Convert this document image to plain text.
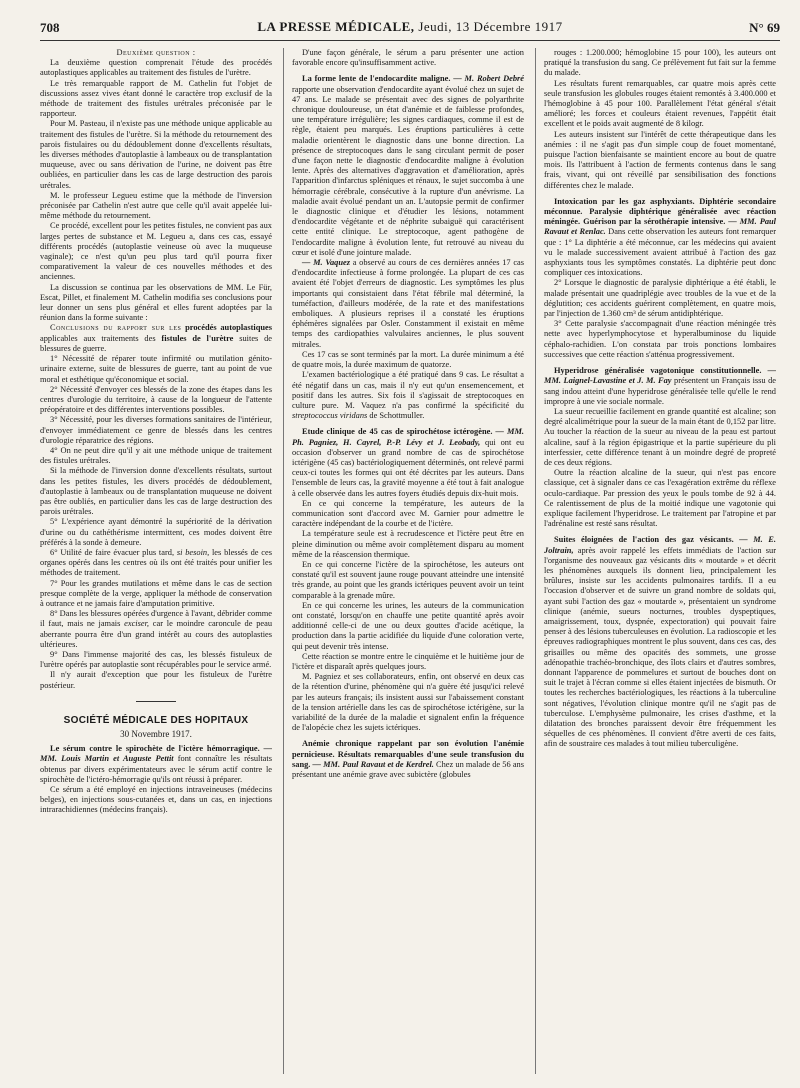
708	LA PRESSE MÉDICALE, Jeudi, 13 Décembre 1917	N° 69

Deuxième question :

La deuxième question comprenait l'étude des procédés autoplastiques applicables au traitement des fistules de l'urètre.

Le très remarquable rapport de M. Cathelin fut l'objet de discussions assez vives étant donné le caractère trop exclusif de la méthode de traitement des fistules urétrales préconisée par le rapporteur.

Pour M. Pasteau, il n'existe pas une méthode unique applicable au traitement des fistules de l'urètre. Si la méthode du retournement des parois fistulaires ou du dédoublement donne d'excellents résultats, les diverses méthodes d'autoplastie à lambeaux ou de transplantation muqueuse, avec ou sans dérivation de l'urine, ne doivent pas être oubliées, en particulier dans les cas de large destruction des parois urétrales.

M. le professeur Legueu estime que la méthode de l'inversion préconisée par Cathelin n'est autre que celle qu'il avait appelée lui-même méthode du retournement.

Ce procédé, excellent pour les petites fistules, ne convient pas aux larges pertes de substance et M. Legueu a, dans ces cas, essayé différents procédés (autoplastie veineuse où avec la muqueuse vaginale); ce n'est qu'un peu plus tard qu'il pourra fixer comparativement la valeur de ces nouvelles méthodes et des anciennes.

La discussion se continua par les observations de MM. Le Für, Escat, Pillet, et finalement M. Cathelin modifia ses conclusions pour leur donner un sens plus général et elles furent adoptées par la réunion dans la forme suivante :

Conclusions du rapport sur les procédés autoplastiques applicables aux traitements des fistules de l'urètre suites de blessures de guerre.

1° Nécessité de réparer toute infirmité ou mutilation génito-urinaire externe, suite de blessures de guerre, tant au point de vue moral et esthétique qu'économique et social.

2° Nécessité d'envoyer ces blessés de la zone des étapes dans les centres d'urologie du territoire, à cause de la longueur de l'attente préopératoire et des différentes interventions possibles.

3° Nécessité, pour les diverses formations sanitaires de l'intérieur, d'envoyer immédiatement ce genre de blessés dans les centres d'urologie réparatrice des régions.

4° On ne peut dire qu'il y ait une méthode unique de traitement des fistules urétrales.

Si la méthode de l'inversion donne d'excellents résultats, surtout dans les petites fistules, les divers procédés de dédoublement, d'autoplastie à lambeaux ou de transplantation muqueuse ne doivent pas être oubliés, en particulier dans les cas de large destruction des parois urétrales.

5° L'expérience ayant démontré la supériorité de la dérivation d'urine ou du cathéthérisme intermittent, ces modes doivent être préférés à la sonde à demeure.

6° Utilité de faire évacuer plus tard, si besoin, les blessés de ces organes opérés dans les centres où ils ont été traités pour unifier les méthodes de traitement.

7° Pour les grandes mutilations et même dans le cas de section presque complète de la verge, appliquer la méthode de conservation à outrance et ne jamais faire d'amputation primitive.

8° Dans les blessures opérées d'urgence à l'avant, débrider comme il faut, mais ne jamais exciser, car le moindre caroncule de peau aberrante pourra être d'un grand intérêt au cours des autoplasties ultérieures.

9° Dans l'immense majorité des cas, les blessés fistuleux de l'urètre opérés par autoplastie sont récupérables pour le service armé.

Il n'y aurait d'exception que pour les fistuleux de l'urètre postérieur.

SOCIÉTÉ MÉDICALE DES HOPITAUX
30 Novembre 1917.

Le sérum contre le spirochète de l'ictère hémorragique. — MM. Louis Martin et Auguste Pettit font connaître les résultats obtenus par divers expérimentateurs avec le sérum actif contre le spirochète de l'ictéro-hémorragie qu'ils ont réussi à préparer.

Ce sérum a été employé en injections intraveineuses (médecins belges), en injections sous-cutanées et, dans un cas, en injections intrarachidiennes (médecins français).

D'une façon générale, le sérum a paru présenter une action favorable encore qu'insuffisamment active.

La forme lente de l'endocardite maligne. — M. Robert Debré rapporte une observation d'endocardite ayant évolué chez un sujet de 47 ans. Le malade se présentait avec des signes de polyarthrite chronique douloureuse, un état d'anémie et de faiblesse profondes, une température irrégulière; les signes cardiaques, comme il est de règle, étaient peu marqués. Les éruptions particulières à cette maladie orientèrent le diagnostic dans une bonne direction. La présence de streptocoques dans le sang circulant permit de poser d'une façon nette le diagnostic d'endocardite maligne à évolution lente. Après des alternatives d'aggravation et d'amélioration, après l'apparition d'infarctus spléniques et rénaux, le sujet succomba à une hémorragie cérébrale, consécutive à la rupture d'un anévrisme. La maladie avait évolué pendant un an. L'autopsie permit de confirmer le diagnostic clinique et d'étudier les lésions, notamment d'endocardite végétante et de néphrite subaiguë qui caractérisent cette entité clinique. Le streptocoque, agent pathogène de l'endocardite maligne à évolution lente, fut retrouvé au niveau du cœur et isolé d'une jointure malade.

— M. Vaquez a observé au cours de ces dernières années 17 cas d'endocardite infectieuse à forme prolongée. La plupart de ces cas avaient été l'objet d'erreurs de diagnostic. Les symptômes les plus importants qui consistaient dans l'état fébrile mal déterminé, la tuméfaction, d'ailleurs modérée, de la rate et des manifestations emboliques. A plusieurs reprises il a constaté les éruptions éphémères signalées par Osler. Constamment il existait en même temps des cardiopathies valvulaires anciennes, le plus souvent mitrales.

Ces 17 cas se sont terminés par la mort. La durée minimum a été de quatre mois, la durée maximum de quatorze.

L'examen bactériologique a été pratiqué dans 9 cas. Le résultat a été négatif dans un cas, mais il n'y eut qu'un ensemencement, et positif dans les autres. Six fois il s'agissait de streptocoques en culture pure. M. Vaquez n'a pas confirmé la spécificité du streptococcus viridans de Schottmuller.

Etude clinique de 45 cas de spirochétose ictérogène. — MM. Ph. Pagniez, H. Cayrel, P.-P. Lévy et J. Leobady, qui ont eu occasion d'observer un grand nombre de cas de spirochétose ictérigène (45 cas) bactériologiquement déterminés, ont relevé parmi ceux-ci toutes les formes qui ont été décrites par les auteurs. Dans l'ensemble de leurs cas, la gravité moyenne a été tout à fait analogue à celle observée dans les autres foyers étudiés depuis dix-huit mois.

En ce qui concerne la température, les auteurs de la communication sont d'accord avec M. Garnier pour admettre le caractère indépendant de la courbe et de l'ictère.

La température seule est à recrudescence et l'ictère peut être en pleine diminution ou même avoir complètement disparu au moment même de la réascension thermique.

En ce qui concerne l'ictère de la spirochétose, les auteurs ont constaté qu'il est souvent jaune rouge pouvant atteindre une intensité très grande, au point que les grands ictériques peuvent avoir un teint comparable à la grenade mûre.

En ce qui concerne les urines, les auteurs de la communication ont constaté, lorsqu'on en chauffe une petite quantité après avoir additionné celle-ci de une ou deux gouttes d'acide acétique, la production dans la partie acidifiée du liquide d'une coloration verte, qui peut devenir très intense.

Cette réaction se montre entre le cinquième et le huitième jour de l'ictère et disparaît après quelques jours.

M. Pagniez et ses collaborateurs, enfin, ont observé en deux cas de la rétention d'urine, phénomène qui n'a guère été jusqu'ici relevé par les auteurs français; ils insistent aussi sur l'abaissement constant de la tension artérielle dans les cas de spirochétose ictérigène, sur la variabilité de la durée de la maladie et signalent enfin la fréquence de l'alopécie chez les sujets ictériques.

Anémie chronique rappelant par son évolution l'anémie pernicieuse. Résultats remarquables d'une seule transfusion du sang. — MM. Paul Ravaut et de Kerdrel. Chez un malade de 56 ans présentant une anémie grave avec subictère (globules

rouges : 1.200.000; hémoglobine 15 pour 100), les auteurs ont pratiqué la transfusion du sang. Ce prélèvement fut fait sur la femme du malade.

Les résultats furent remarquables, car quatre mois après cette seule transfusion les globules rouges étaient remontés à 3.400.000 et l'hémoglobine à 45 pour 100. Parallèlement l'état général s'était amélioré; les forces et couleurs étaient revenues, l'appétit était excellent et le poids avait augmenté de 8 kilogr.

Les auteurs insistent sur l'intérêt de cette thérapeutique dans les anémies : il ne s'agit pas d'un simple coup de fouet momentané, puisque l'action bienfaisante se maintient encore au bout de quatre mois. Ils l'attribuent à l'action de ferments contenus dans le sang frais, vivant, qui ont réveillé par sensibilisation des fonctions différentes chez le malade.

Intoxication par les gaz asphyxiants. Diphtérie secondaire méconnue. Paralysie diphtérique généralisée avec réaction méningée. Guérison par la sérothérapie intensive. — MM. Paul Ravaut et Renlac. Dans cette observation les auteurs font remarquer que : 1° La diphtérie a été méconnue, car les médecins qui avaient vu le malade successivement avaient attribué à l'action des gaz asphyxiants tous les symptômes constatés. La diphtérie peut donc compliquer ces intoxications.

2° Lorsque le diagnostic de paralysie diphtérique a été établi, le malade présentait une quadriplégie avec troubles de la vue et de la déglutition; ces accidents guérirent complètement, en quatre mois, par l'injection de 1.360 cm³ de sérum antidiphtérique.

3° Cette paralysie s'accompagnait d'une réaction méningée très nette avec hyperlymphocytose et hyperalbuminose du liquide céphalo-rachidien. L'on constata par trois ponctions lombaires successives que cette réaction s'atténua progressivement.

Hyperidrose généralisée vagotonique constitutionnelle. — MM. Laignel-Lavastine et J. M. Fay présentent un Français issu de sang indou atteint d'une hyperidrose généralisée telle qu'elle le rend impropre à une vie sociale normale.

La sueur recueillie facilement en grande quantité est alcaline; son degré alcalimétrique pour la sueur de la main étant de 0,152 par litre. Au toucher la réaction de la sueur au niveau de la peau est partout alcaline, sauf à la région épigastrique et la partie supérieure du pli interfessier, cette différence tenant à un moindre degré de propreté de ces deux régions.

Outre la réaction alcaline de la sueur, qui n'est pas encore classique, cet à signaler dans ce cas l'exagération extrême du réflexe oculo-cardiaque. Par pression des yeux le pouls tombe de 92 à 44. Ce ralentissement de plus de la moitié indique une vagotonie qui explique facilement l'hyperidrose. Le traitement par l'atropine et par l'adrénaline est resté sans résultat.

Suites éloignées de l'action des gaz vésicants. — M. E. Joltrain, après avoir rappelé les effets immédiats de l'action sur l'organisme des nouveaux gaz vésicants dits « moutarde » et décrit les phénomènes auxquels ils donnent lieu, principalement les brûlures, insiste sur les accidents pulmonaires tardifs. Il a eu l'occasion d'observer et de suivre un grand nombre de soldats qui, ayant subi l'action des gaz « moutarde », présentaient un syndrome clinique (anémie, sueurs nocturnes, troubles dyspeptiques, amaigrissement, toux, dyspnée, expectoration) qui pouvait faire penser à des lésions tuberculeuses en évolution. La radioscopie et les épreuves radiographiques montrent le plus souvent, dans ces cas, des grisailles ou même des opacités des sommets, une grosse adénopathie trachéo-bronchique, des îlots clairs et d'autres sombres, donnant l'apparence de pommelures et surtout de bouches dont on suit le trajet à l'écran comme si elles étaient injectées de bismuth. Or toutes les recherches bactériologiques, les réactions à la tuberculine sont négatives, l'évolution clinique montre qu'il ne s'agit pas de tuberculose. L'emphysème pulmonaire, les crises d'asthme, et la dilatation des bronches paraissent devoir être fréquemment les séquelles de ces phénomènes. Il convient d'être averti de ces faits, afin de soustraire ces malades à tout milieu tuberculigène.
